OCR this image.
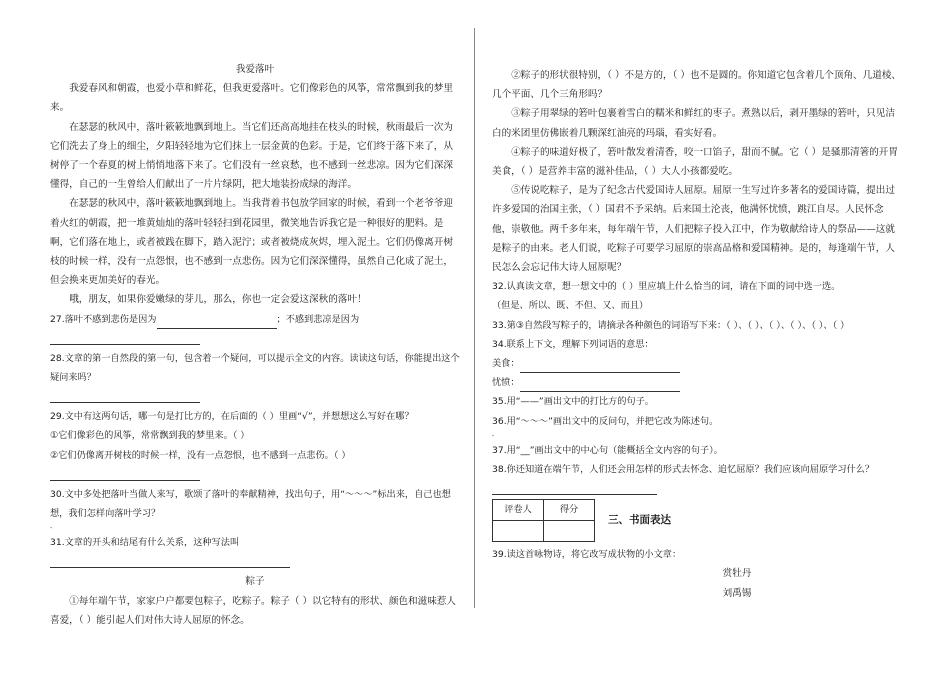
我爱落叶

我爱春风和朝霞，也爱小草和鲜花，但我更爱落叶。它们像彩色的风筝，常常飘到我的梦里来。

在瑟瑟的秋风中，落叶簌簌地飘到地上。当它们还高高地挂在枝头的时候，秋雨最后一次为它们洗去了身上的细尘，夕阳轻轻地为它们抹上一层金黄的色彩。于是，它们终于落下来了，从树停了一个春夏的树上悄悄地落下来了。它们没有一丝哀愁，也不感到一丝悲凉。因为它们深深懂得，自己的一生曾给人们献出了一片片绿阴，把大地装扮成绿的海洋。

在瑟瑟的秋风中，落叶簌簌地飘到地上。当我背着书包放学回家的时候，看到一个老爷爷迎着火红的朝霞，把一堆黄灿灿的落叶轻轻扫到花园里，微笑地告诉我它是一种很好的肥料。是啊，它们落在地上，或者被践在脚下，踏入泥泞；或者被烧成灰烬，埋入泥土。它们仍像离开树枝的时候一样，没有一点怨恨，也不感到一点悲伤。因为它们深深懂得，虽然自己化成了泥土，但会换来更加美好的春光。

哦，朋友，如果你爱嫩绿的芽儿，那么，你也一定会爱这深秋的落叶！

27.落叶不感到悲伤是因为	；不感到悲凉是因为

28.文章的第一自然段的第一句，包含着一个疑问，可以提示全文的内容。读读这句话，你能提出这个疑问来吗？

29.文中有这两句话，哪一句是打比方的，在后面的（ ）里画“√”，并想想这么写好在哪？

①它们像彩色的风筝，常常飘到我的梦里来。（ ）

②它们仍像离开树枝的时候一样，没有一点怨恨，也不感到一点悲伤。（ ）

30.文中多处把落叶当做人来写，歌颂了落叶的奉献精神，找出句子，用“～～～”标出来，自己也想想，我们怎样向落叶学习？

-

31.文章的开头和结尾有什么关系，这种写法叫

粽子

①每年端午节，家家户户都要包粽子，吃粽子。粽子（ ）以它特有的形状、颜色和滋味惹人喜爱，（ ）能引起人们对伟大诗人屈原的怀念。

②粽子的形状很特别，（ ）不是方的，（ ）也不是圆的。你知道它包含着几个顶角、几道棱、几个平面、几个三角形吗？

③粽子用翠绿的箬叶包裹着雪白的糯米和鲜红的枣子。煮熟以后，剥开墨绿的箬叶，只见洁白的米团里仿佛嵌着几颗深红油亮的玛瑙，看实好看。

④粽子的味道好极了，箬叶散发着清香，咬一口馅子，甜而不腻。它（ ）是骚那清箸的开胃美食，（ ）是营养丰富的滋补佳品，（ ）大人小孩都爱吃。

⑤传说吃粽子，是为了纪念古代爱国诗人屈原。屈原一生写过许多著名的爱国诗篇，提出过许多爱国的治国主张，（ ）国君不予采纳。后来国土沦丧，他满怀忧愤，跳江自尽。人民怀念他，崇敬他。两千多年来，每年端午节，人们把粽子投入江中，作为敬献给诗人的祭品——这就是粽子的由来。老人们说，吃粽子可要学习屈原的崇高品格和爱国精神。是的，每逢端午节，人民怎么会忘记伟大诗人屈原呢？

32.认真读文章，想一想文中的（ ）里应填上什么恰当的词，请在下面的词中选一选。

（但是、所以、既、不但、又、而且）

33.第③自然段写粽子的，请摘录各种颜色的词语写下来：（ ）、（ ）、（ ）、（ ）、（ ）、（ ）

34.联系上下文，理解下列词语的意思：

美食：

忧愤：

35.用“——”画出文中的打比方的句子。

36.用“～～～”画出文中的反问句，并把它改为陈述句。

-

37.用“__”画出文中的中心句（能概括全文内容的句子）。

38.你还知道在端午节，人们还会用怎样的形式去怀念、追忆屈原？我们应该向屈原学习什么？

评卷人	得分
	三、书面表达

39.读这首咏物诗，将它改写成状物的小文章：

赏牡丹
刘禹锡
